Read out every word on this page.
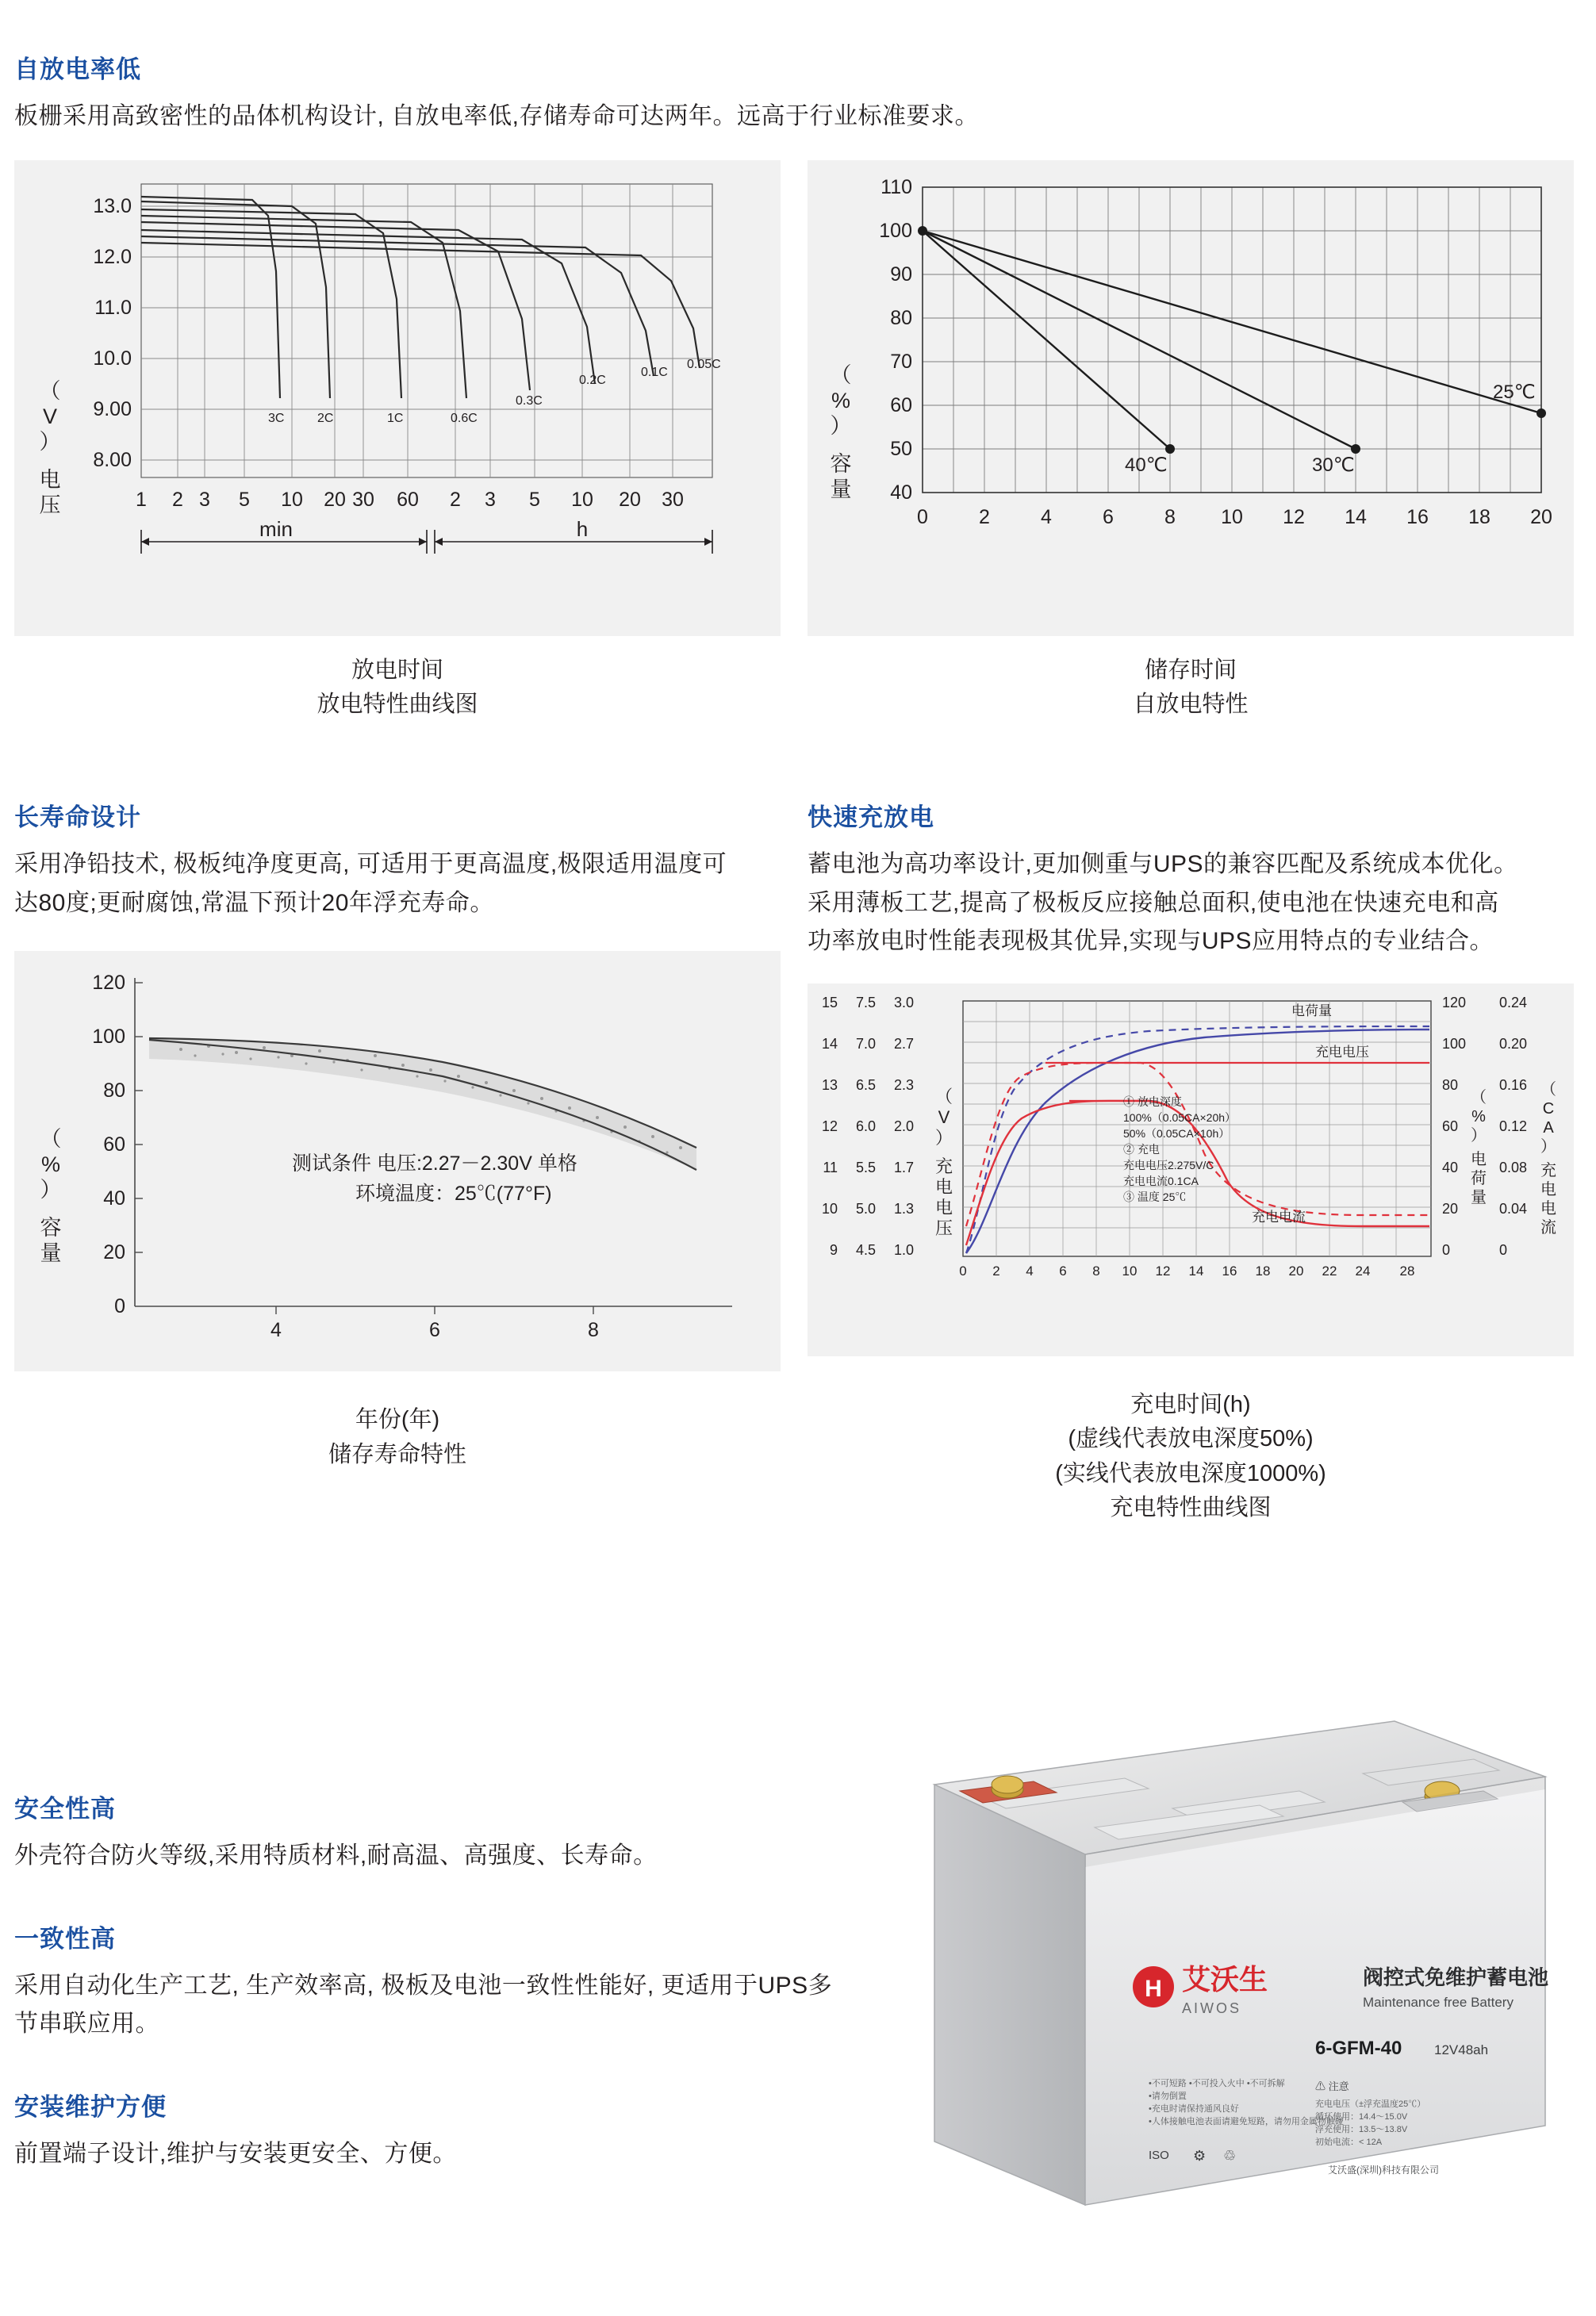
自放电率低

板栅采用高致密性的品体机构设计, 自放电率低,存储寿命可达两年。远高于行业标准要求。

（
V
）
电
压
13.0
12.0
11.0
10.0
9.00
8.00
3C	2C	1C	0.6C
0.3C
0.2C
0.1C
0.05C
1 2 3 5 10 20 30 60 2 3 5 10 20 30
min	h
放电时间
放电特性曲线图
（
%
）
容
量
110
100
90
80
70
60
50
40
40℃	30℃
25℃
0	2	4	6	8 10 12 14 16 18 20
储存时间
自放电特性
长寿命设计

采用净铅技术, 极板纯净度更高, 可适用于更高温度,极限适用温度可达80度;更耐腐蚀,常温下预计20年浮充寿命。

（
%
）
容
量
120
100
80
60
40
20
0
测试条件 电压:2.27－2.30V 单格
环境温度：25℃(77°F)
4	6	8
年份(年)
储存寿命特性
快速充放电

蓄电池为高功率设计,更加侧重与UPS的兼容匹配及系统成本优化。采用薄板工艺,提高了极板反应接触总面积,使电池在快速充电和高功率放电时性能表现极其优异,实现与UPS应用特点的专业结合。

15
14
13
12
11
10
9
7.5
7.0
6.5
6.0
5.5
5.0
4.5
3.0
2.7
2.3
2.0
1.7
1.3
1.0
（
V
）
充
电
电
压
电荷量
充电电压
充电电流
① 放电深度
100%（0.05CA×20h）
50%（0.05CA×10h）
② 充电
充电电压2.275V/C
充电电流0.1CA
③ 温度 25℃
0 2 4 6 8 10 12 14 16 18 20 22 24 28
120
100
80
60
40
20
0
0.24
0.20
0.16
0.12
0.08
0.04
0
（
%
）
电
荷
量
（
C
A
）
充
电
电
流
充电时间(h)
(虚线代表放电深度50%)
(实线代表放电深度1000%)
充电特性曲线图
安全性高

外壳符合防火等级,采用特质材料,耐高温、高强度、长寿命。

一致性高

采用自动化生产工艺, 生产效率高, 极板及电池一致性性能好, 更适用于UPS多节串联应用。

安装维护方便

前置端子设计,维护与安装更安全、方便。

H 艾沃生
AIWOS
阀控式免维护蓄电池
Maintenance free Battery
6-GFM-40 12V48ah
⚠ 注意
充电电压（±浮充温度25℃）
循环使用：14.4～15.0V
浮充使用：13.5～13.8V
初始电流：< 12A
•不可短路 •不可投入火中 •不可拆解
•请勿倒置
•充电时请保持通风良好
•人体接触电池表面请避免短路，请勿用金属物触碰
ISO ⚙ ♲
艾沃盛(深圳)科技有限公司
